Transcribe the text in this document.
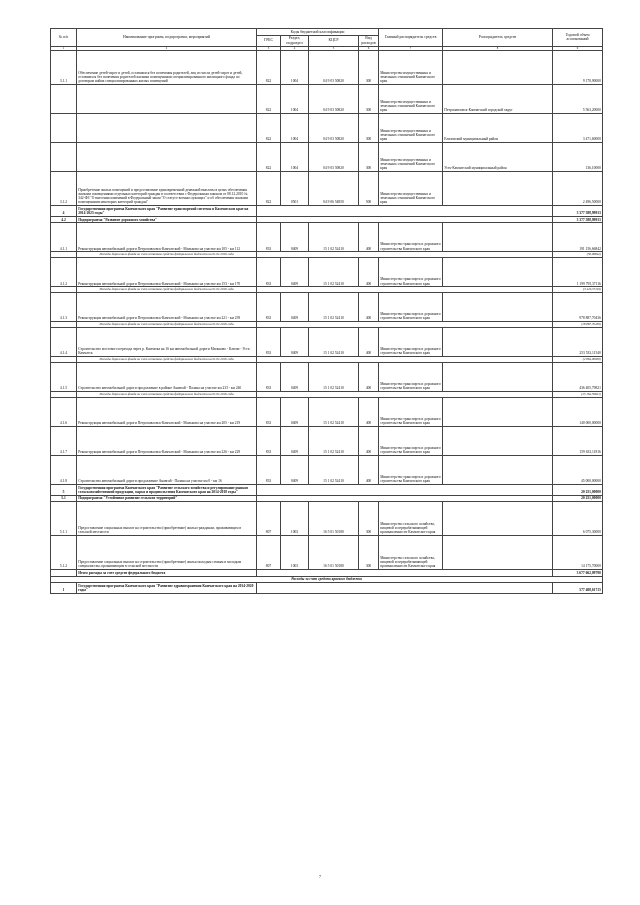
№ п/п	Наименование программ, подпрограмм, мероприятий	Коды бюджетной классификации				Главный распорядитель средств	Распорядитель средств	Годовой объем ассигнований
		ГРБС	Раздел, подраздел	КЦСР	Вид расходов			
1	2	3	4	5	6	7	8	9
3.1.1	Обеспечение детей-сирот и детей, оставшихся без попечения родителей, лиц из числа детей-сирот и детей, оставшихся без попечения родителей жилыми помещениями специализированного жилищного фонда по договорам найма специализированных жилых помещений	822	1004	04 9 03 50820	300	Министерство имущественных и земельных отношений Камчатского края		9 170,90000
		822	1004	04 9 03 50820	300	Министерство имущественных и земельных отношений Камчатского края	Петропавловск-Камчатский городской округ	5 563,20000
		822	1004	04 9 03 50820	300	Министерство имущественных и земельных отношений Камчатского края	Елизовский муниципальный район	3 471,60000
		822	1004	04 9 03 50820	300	Министерство имущественных и земельных отношений Камчатского края	Усть-Камчатский муниципальный район	136,10000
3.1.2	Приобретение жилых помещений и предоставление единовременной денежной выплаты в целях обеспечения жилыми помещениями отдельных категорий граждан в соответствии с Федеральным законом от 08.12.2010 № 342-ФЗ "О внесении изменений в Федеральный закон "О статусе военнослужащих" и об обеспечении жилыми помещениями некоторых категорий граждан"	822	0501	04 9 06 54850	500	Министерство имущественных и земельных отношений Камчатского края		2 496,50000
4	Государственная программа Камчатского края "Развитие транспортной системы в Камчатском крае на 2014-2025 годы"							3 377 588,99913
4.2	Подпрограмма "Развитие дорожного хозяйства"							3 377 588,99913
4.1.1	Реконструкция автомобильной дороги Петропавловск-Камчатский - Мильково на участке км 105 - км 112	833	0409	15 1 02 52410	400	Министерство транспорта и дорожного строительства Камчатского края		191 156,66842
	Расходы дорожного фонда за счет остатков средств федерального бюджета на 01.01.2016 года							(56,06842)
4.1.2	Реконструкция автомобильной дороги Петропавловск-Камчатский - Мильково на участке км 153 - км 170	833	0409	15 1 02 52410	400	Министерство транспорта и дорожного строительства Камчатского края		1 199 795,37116
	Расходы дорожного фонда за счет остатков средств федерального бюджета на 01.01.2016 года							(3 419,37116)
4.1.3	Реконструкция автомобильной дороги Петропавловск-Камчатский - Мильково на участке км 221 - км 239	833	0409	15 1 02 52410	400	Министерство транспорта и дорожного строительства Камчатского края		978 887,70436
	Расходы дорожного фонда за счет остатков средств федерального бюджета на 01.01.2016 года							(18 887,70436)
4.1.4	Строительство мостового перехода через р. Камчатка на 16 км автомобильной дороги Мильково - Ключи - Усть-Камчатск	833	0409	15 1 02 52410	400	Министерство транспорта и дорожного строительства Камчатского края		253 533,11540
	Расходы дорожного фонда за счет остатков средств федерального бюджета на 01.01.2016 года							(2 864,00000)
4.1.5	Строительство автомобильной дороги продолжение в районе Анавгай - Палана на участке км 233 - км 240	833	0409	15 1 02 52410	400	Министерство транспорта и дорожного строительства Камчатского края		436 405,79821
	Расходы дорожного фонда за счет остатков средств федерального бюджета на 01.01.2016 года							(13 164,59821)
4.1.6	Реконструкция автомобильной дороги Петропавловск-Камчатский - Мильково на участке км 205 - км 219	833	0409	15 1 02 52410	400	Министерство транспорта и дорожного строительства Камчатского края		140 000,00000
4.1.7	Реконструкция автомобильной дороги Петропавловск-Камчатский - Мильково на участке км 226 - км 229	833	0409	15 1 02 52410	400	Министерство транспорта и дорожного строительства Камчатского края		159 633,11816
4.1.8	Строительство автомобильной дороги продолжение Анавгай - Палана на участке км 0 - км 16	833	0409	15 1 02 52410	400	Министерство транспорта и дорожного строительства Камчатского края		45 000,00000
5	Государственная программа Камчатского края "Развитие сельского хозяйства и регулирование рынков сельскохозяйственной продукции, сырья и продовольствия Камчатского края на 2014-2018 годы"							20 251,00000
5.1	Подпрограмма "Устойчивое развитие сельских территорий"							20 251,00000
5.1.1	Предоставление социальных выплат на строительство (приобретение) жилья гражданам, проживающим в сельской местности	807	1003	16 5 01 50180	300	Министерство сельского хозяйства, пищевой и перерабатывающей промышленности Камчатского края		6 075,30000
5.1.2	Предоставление социальных выплат на строительство (приобретение) жилья молодым семьям и молодым специалистам, проживающим в сельской местности	807	1003	16 5 01 50180	300	Министерство сельского хозяйства, пищевой и перерабатывающей промышленности Камчатского края		14 175,70000
	Итого расходы за счет средств федерального бюджета							3 677 662,09790
Расходы за счет средств краевого бюджета								
1	Государственная программа Камчатского края "Развитие здравоохранения Камчатского края на 2014-2020 годы"							577 408,61715
7
